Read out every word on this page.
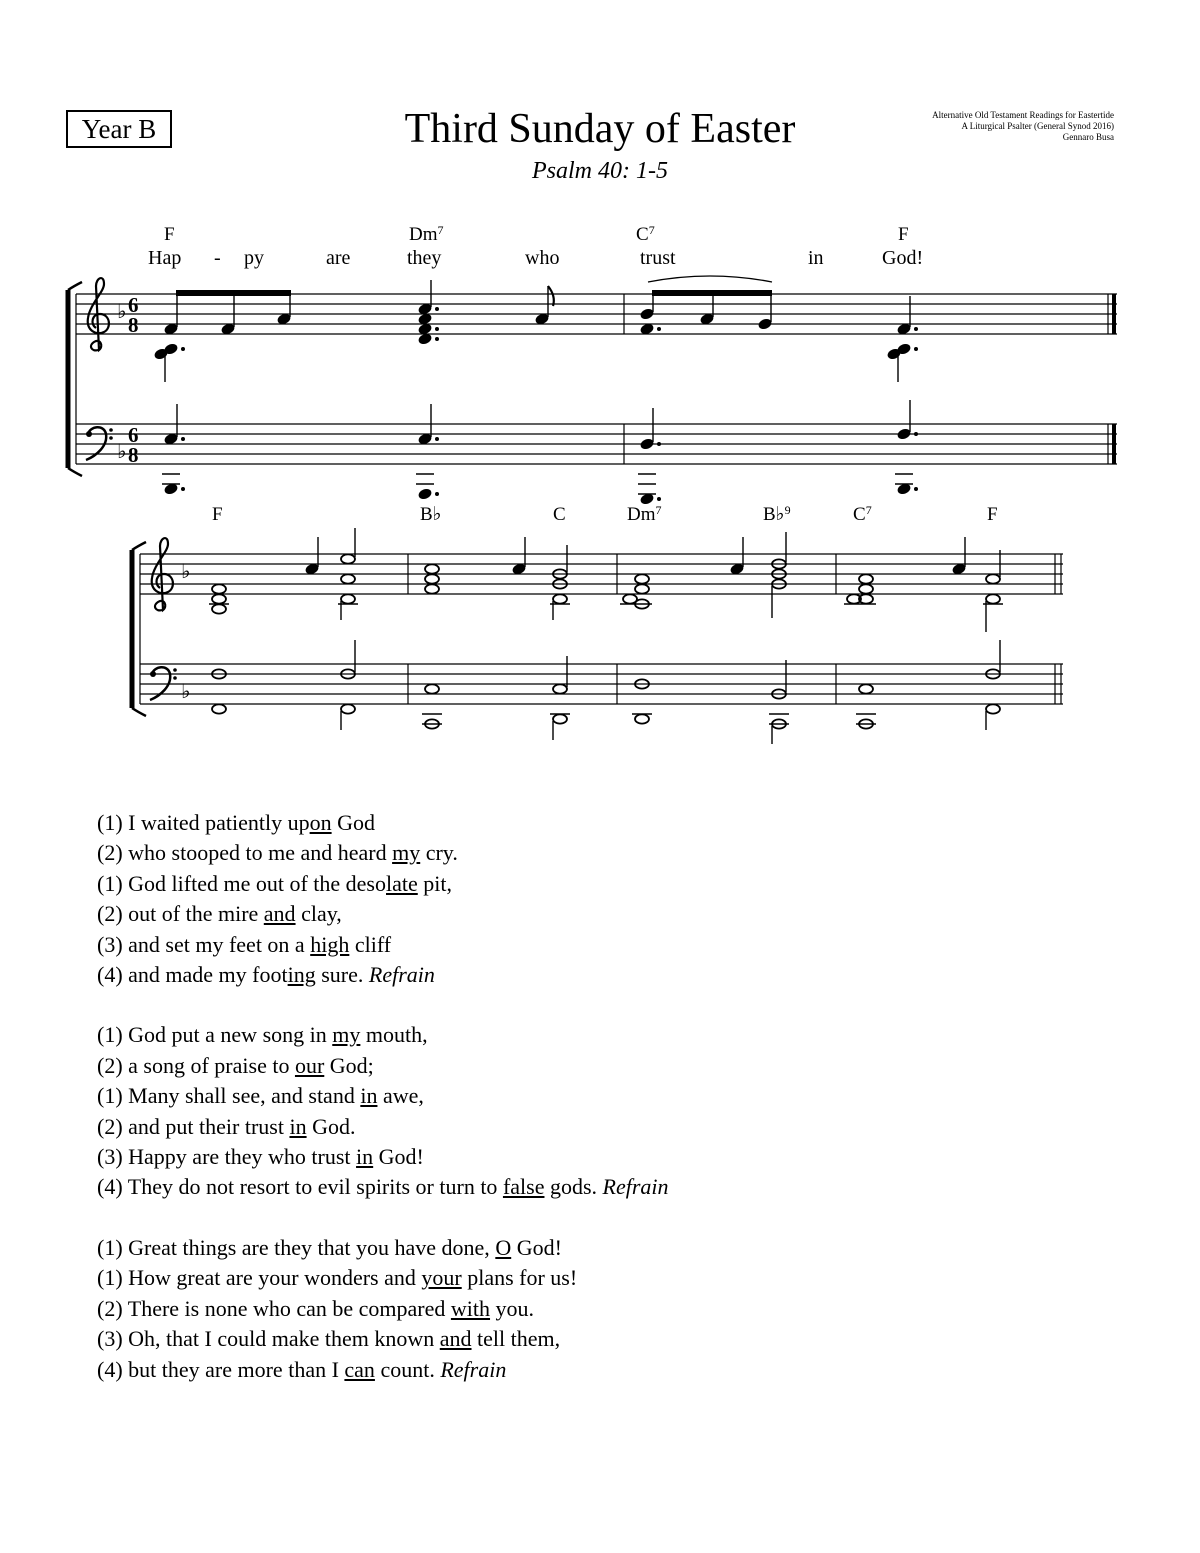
Year B	Third Sunday of Easter
Psalm 40: 1-5
Alternative Old Testament Readings for Eastertide
A Liturgical Psalter (General Synod 2016)
Gennaro Busa
F	Dm$^7$	$C^7$	F
Hap - py	are	they	who	trust	in	God!
F	B♭	C	Dm$^7$	B♭$^9$	$C^7$	F
♭
♭
6
8
6
8
♭
♭
(1) I waited patiently upon God
(2) who stooped to me and heard my cry.
(1) God lifted me out of the desolate pit,
(2) out of the mire and clay,
(3) and set my feet on a high cliff
(4) and made my footing sure. Refrain
(1) God put a new song in my mouth,
(2) a song of praise to our God;
(1) Many shall see, and stand in awe,
(2) and put their trust in God.
(3) Happy are they who trust in God!
(4) They do not resort to evil spirits or turn to false gods. Refrain
(1) Great things are they that you have done, O God!
(1) How great are your wonders and your plans for us!
(2) There is none who can be compared with you.
(3) Oh, that I could make them known and tell them,
(4) but they are more than I can count. Refrain
